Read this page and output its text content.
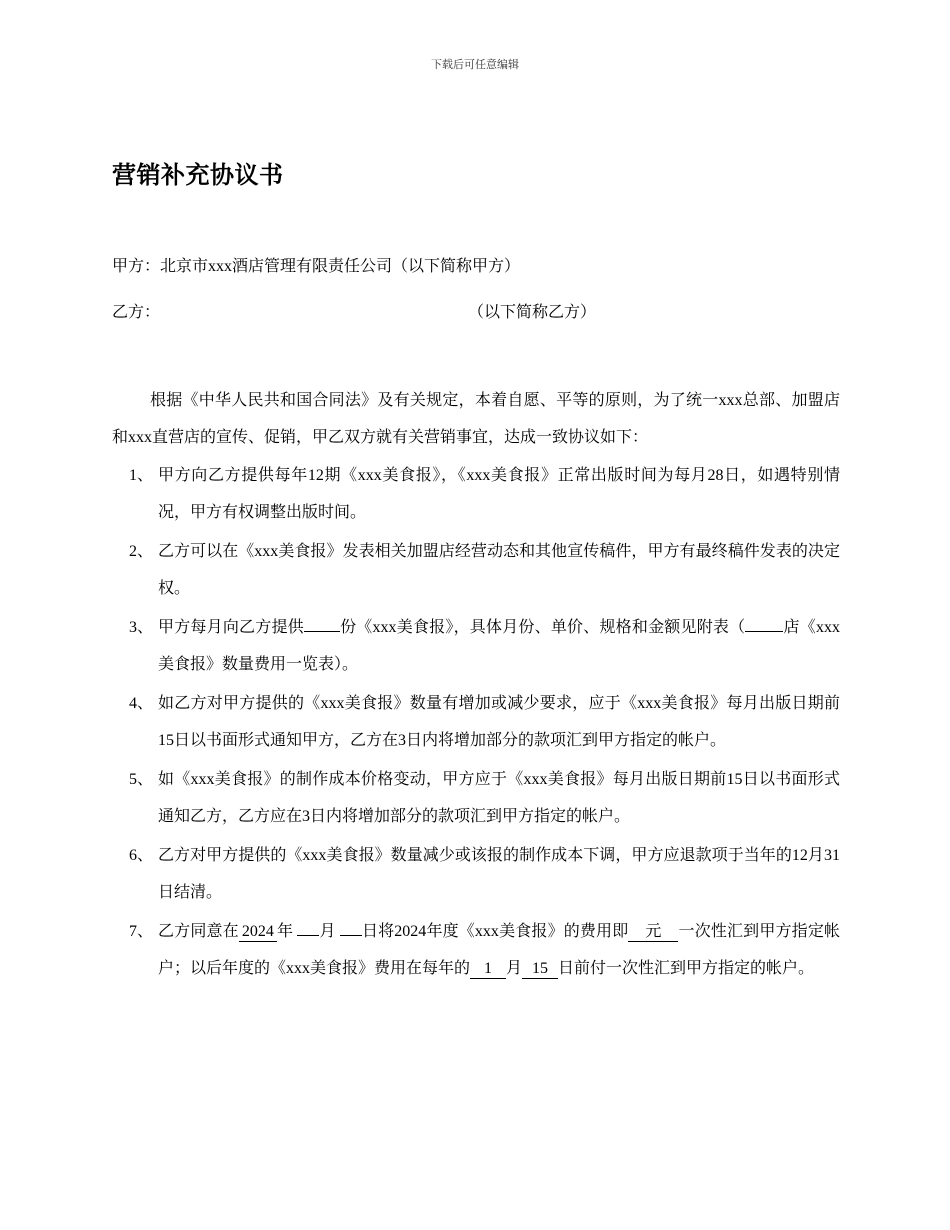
下载后可任意编辑
营销补充协议书
甲方：北京市xxx酒店管理有限责任公司（以下简称甲方）
乙方：	（以下简称乙方）

根据《中华人民共和国合同法》及有关规定，本着自愿、平等的原则，为了统一xxx总部、加盟店和xxx直营店的宣传、促销，甲乙双方就有关营销事宜，达成一致协议如下：

1、 甲方向乙方提供每年12期《xxx美食报》，《xxx美食报》正常出版时间为每月28日，如遇特别情况，甲方有权调整出版时间。
2、 乙方可以在《xxx美食报》发表相关加盟店经营动态和其他宣传稿件，甲方有最终稿件发表的决定权。
3、 甲方每月向乙方提供 份《xxx美食报》，具体月份、单价、规格和金额见附表（ 店《xxx美食报》数量费用一览表）。
4、 如乙方对甲方提供的《xxx美食报》数量有增加或减少要求，应于《xxx美食报》每月出版日期前15日以书面形式通知甲方，乙方在3日内将增加部分的款项汇到甲方指定的帐户。
5、 如《xxx美食报》的制作成本价格变动，甲方应于《xxx美食报》每月出版日期前15日以书面形式通知乙方，乙方应在3日内将增加部分的款项汇到甲方指定的帐户。
6、 乙方对甲方提供的《xxx美食报》数量减少或该报的制作成本下调，甲方应退款项于当年的12月31日结清。
7、 乙方同意在 2024 年 月 日将2024年度《xxx美食报》的费用即 元 一次性汇到甲方指定帐户；以后年度的《xxx美食报》费用在每年的 1 月 15 日前付一次性汇到甲方指定的帐户。
